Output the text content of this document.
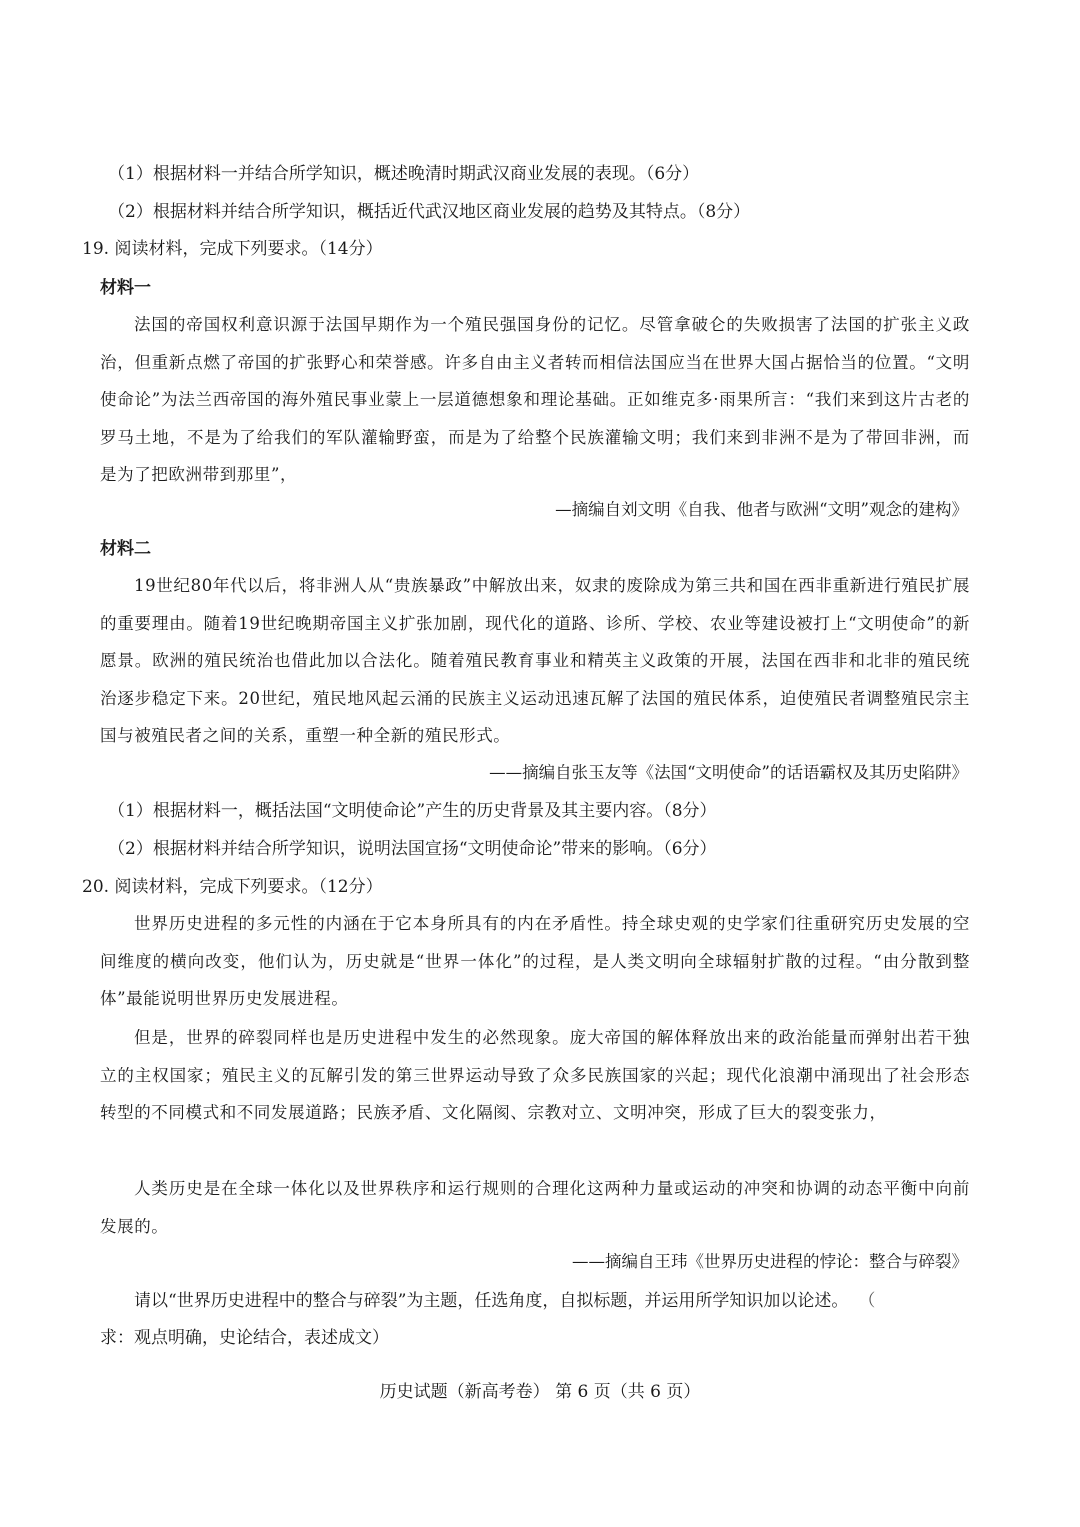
（1）根据材料一并结合所学知识，概述晚清时期武汉商业发展的表现。（6分）
（2）根据材料并结合所学知识，概括近代武汉地区商业发展的趋势及其特点。（8分）
19. 阅读材料，完成下列要求。（14分）
材料一
法国的帝国权利意识源于法国早期作为一个殖民强国身份的记忆。尽管拿破仑的失败损害了法国的扩张主义政治，但重新点燃了帝国的扩张野心和荣誉感。许多自由主义者转而相信法国应当在世界大国占据恰当的位置。“文明使命论”为法兰西帝国的海外殖民事业蒙上一层道德想象和理论基础。正如维克多·雨果所言：“我们来到这片古老的罗马土地，不是为了给我们的军队灌输野蛮，而是为了给整个民族灌输文明；我们来到非洲不是为了带回非洲，而是为了把欧洲带到那里”，
—摘编自刘文明《自我、他者与欧洲“文明”观念的建构》
材料二
19世纪80年代以后，将非洲人从“贵族暴政”中解放出来，奴隶的废除成为第三共和国在西非重新进行殖民扩展的重要理由。随着19世纪晚期帝国主义扩张加剧，现代化的道路、诊所、学校、农业等建设被打上“文明使命”的新愿景。欧洲的殖民统治也借此加以合法化。随着殖民教育事业和精英主义政策的开展，法国在西非和北非的殖民统治逐步稳定下来。20世纪，殖民地风起云涌的民族主义运动迅速瓦解了法国的殖民体系，迫使殖民者调整殖民宗主国与被殖民者之间的关系，重塑一种全新的殖民形式。
——摘编自张玉友等《法国“文明使命”的话语霸权及其历史陷阱》
（1）根据材料一，概括法国“文明使命论”产生的历史背景及其主要内容。（8分）
（2）根据材料并结合所学知识，说明法国宣扬“文明使命论”带来的影响。（6分）
20. 阅读材料，完成下列要求。（12分）
世界历史进程的多元性的内涵在于它本身所具有的内在矛盾性。持全球史观的史学家们往重研究历史发展的空间维度的横向改变，他们认为，历史就是“世界一体化”的过程，是人类文明向全球辐射扩散的过程。“由分散到整体”最能说明世界历史发展进程。
但是，世界的碎裂同样也是历史进程中发生的必然现象。庞大帝国的解体释放出来的政治能量而弹射出若干独立的主权国家；殖民主义的瓦解引发的第三世界运动导致了众多民族国家的兴起；现代化浪潮中涌现出了社会形态转型的不同模式和不同发展道路；民族矛盾、文化隔阂、宗教对立、文明冲突，形成了巨大的裂变张力，
人类历史是在全球一体化以及世界秩序和运行规则的合理化这两种力量或运动的冲突和协调的动态平衡中向前发展的。
——摘编自王玮《世界历史进程的悖论：整合与碎裂》
请以“世界历史进程中的整合与碎裂”为主题，任选角度，自拟标题，并运用所学知识加以论述。 （
求：观点明确，史论结合，表述成文）
历史试题（新高考卷） 第 6 页（共 6 页）
